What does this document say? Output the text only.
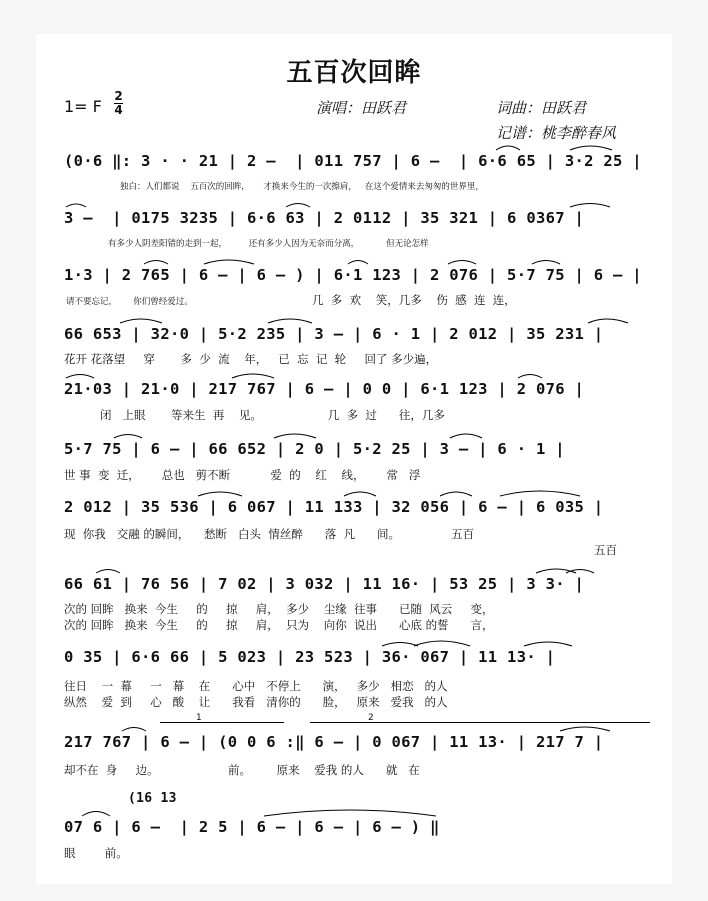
五百次回眸
1= F
2
4	演唱：田跃君	词曲：田跃君
记谱：桃李醉春风
(0·6 ‖: 3 · · 21 | 2 –  | 011 757 | 6 –  | 6·6 65 | 3·2 25 |
独白：人们都说    五百次的回眸，     才换来今生的一次擦肩，   在这个爱情来去匆匆的世界里，
3 –  | 0175 3235 | 6·6 63 | 2 0112 | 35 321 | 6 0367 |
有多少人阴差阳错的走到一起，        还有多少人因为无奈而分离，          但无论怎样
1·3 | 2 765 | 6 – | 6 – ) | 6·1 123 | 2 076 | 5·7 75 | 6 – |
请不要忘记，      你们曾经爱过。	几  多  欢    笑，几多    伤  感  连  连，
66 653 | 32·0 | 5·2 235 | 3 – | 6 · 1 | 2 012 | 35 231 |
花开 花落望     穿       多  少  流    年，   已  忘  记  轮     回了 多少遍，
21·03 | 21·0 | 217 767 | 6 – | 0 0 | 6·1 123 | 2 076 |
闭   上眼       等来生  再    见。                  几  多  过      往，几多
5·7 75 | 6 – | 66 652 | 2 0 | 5·2 25 | 3 – | 6 · 1 |
世 事  变  迁，      总也   剪不断           爱  的    红    线，      常   浮
2 012 | 35 536 | 6 067 | 11 133 | 32 056 | 6 – | 6 035 |
现  你我   交融 的瞬间，    愁断   白头  情丝醉      落  凡      间。              五百
五百
66 61 | 76 56 | 7 02 | 3 032 | 11 16· | 53 25 | 3 3· |
次的 回眸   换来  今生     的     掠     肩，  多少    尘缘  往事      已随  风云     变，
次的 回眸   换来  今生     的     掠     肩，  只为    向你  说出      心底 的誓      言，
0 35 | 6·6 66 | 5 023 | 23 523 | 36· 067 | 11 13· |
往日    一  幕     一   幕    在      心中   不停上      演，   多少   相恋   的人
纵然    爱  到     心   酸    让      我看   清你的      脸，   原来   爱我   的人
1	2
217 767 | 6 – | (0 0 6 :‖ 6 – | 0 067 | 11 13· | 217 7 |
却不在  身     边。                   前。       原来    爱我 的人      就   在
(16 13
07 6 | 6 –  | 2 5 | 6 – | 6 – | 6 – ) ‖
眼        前。
